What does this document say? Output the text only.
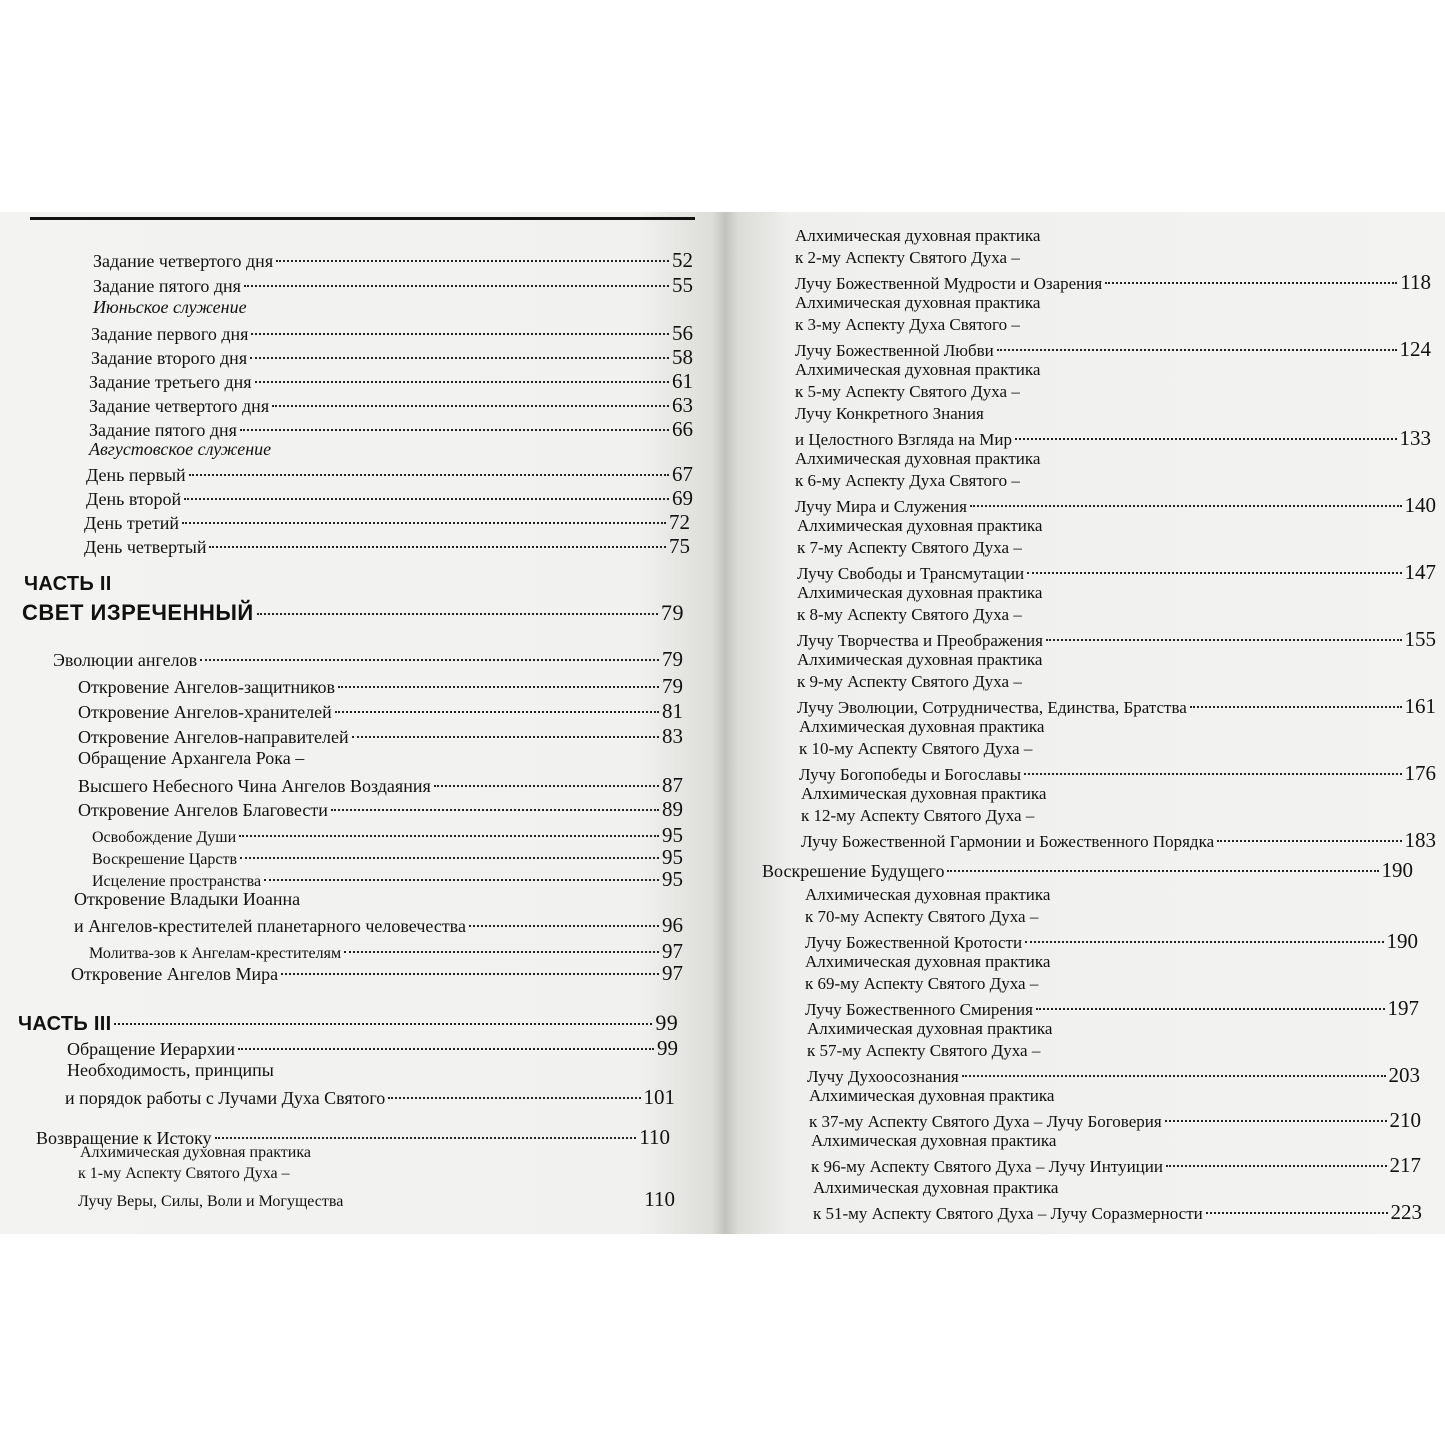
Задание четвертого дня	52
Задание пятого дня	55
Июньское служение
Задание первого дня	56
Задание второго дня	58
Задание третьего дня	61
Задание четвертого дня	63
Задание пятого дня	66
Августовское служение
День первый	67
День второй	69
День третий	72
День четвертый	75
ЧАСТЬ II
СВЕТ ИЗРЕЧЕННЫЙ	79
Эволюции ангелов	79
Откровение Ангелов-защитников	79
Откровение Ангелов-хранителей	81
Откровение Ангелов-направителей	83
Обращение Архангела Рока –
Высшего Небесного Чина Ангелов Воздаяния	87
Откровение Ангелов Благовести	89
Освобождение Души	95
Воскрешение Царств	95
Исцеление пространства	95
Откровение Владыки Иоанна
и Ангелов-крестителей планетарного человечества	96
Молитва-зов к Ангелам-крестителям	97
Откровение Ангелов Мира	97
ЧАСТЬ III	99
Обращение Иерархии	99
Необходимость, принципы
и порядок работы с Лучами Духа Святого	101
Возвращение к Истоку	110
Алхимическая духовная практика
к 1-му Аспекту Святого Духа –
Лучу Веры, Силы, Воли и Могущества	110
Алхимическая духовная практика
к 2-му Аспекту Святого Духа –
Лучу Божественной Мудрости и Озарения	118
Алхимическая духовная практика
к 3-му Аспекту Духа Святого –
Лучу Божественной Любви	124
Алхимическая духовная практика
к 5-му Аспекту Святого Духа –
Лучу Конкретного Знания
и Целостного Взгляда на Мир	133
Алхимическая духовная практика
к 6-му Аспекту Духа Святого –
Лучу Мира и Служения	140
Алхимическая духовная практика
к 7-му Аспекту Святого Духа –
Лучу Свободы и Трансмутации	147
Алхимическая духовная практика
к 8-му Аспекту Святого Духа –
Лучу Творчества и Преображения	155
Алхимическая духовная практика
к 9-му Аспекту Святого Духа –
Лучу Эволюции, Сотрудничества, Единства, Братства	161
Алхимическая духовная практика
к 10-му Аспекту Святого Духа –
Лучу Богопобеды и Богославы	176
Алхимическая духовная практика
к 12-му Аспекту Святого Духа –
Лучу Божественной Гармонии и Божественного Порядка	183
Воскрешение Будущего	190
Алхимическая духовная практика
к 70-му Аспекту Святого Духа –
Лучу Божественной Кротости	190
Алхимическая духовная практика
к 69-му Аспекту Святого Духа –
Лучу Божественного Смирения	197
Алхимическая духовная практика
к 57-му Аспекту Святого Духа –
Лучу Духоосознания	203
Алхимическая духовная практика
к 37-му Аспекту Святого Духа – Лучу Боговерия	210
Алхимическая духовная практика
к 96-му Аспекту Святого Духа – Лучу Интуиции	217
Алхимическая духовная практика
к 51-му Аспекту Святого Духа – Лучу Соразмерности	223
